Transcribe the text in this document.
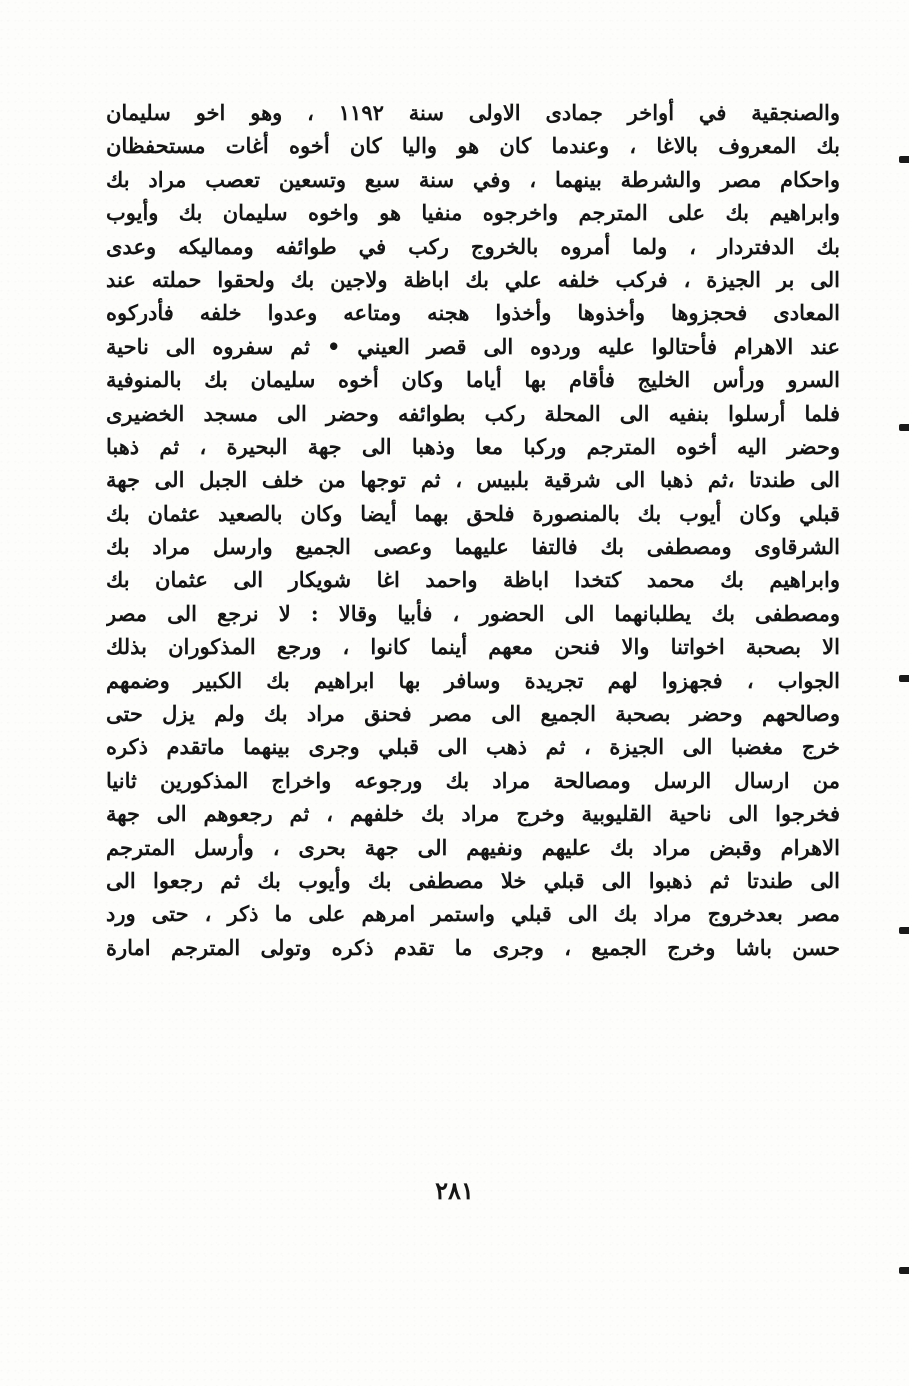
والصنجقية في أواخر جمادى الاولى سنة ١١٩٢ ، وهو اخو سليمان
بك المعروف بالاغا ، وعندما كان هو واليا كان أخوه أغات مستحفظان
واحكام مصر والشرطة بينهما ، وفي سنة سبع وتسعين تعصب مراد بك
وابراهيم بك على المترجم واخرجوه منفيا هو واخوه سليمان بك وأيوب
بك الدفتردار ، ولما أمروه بالخروج ركب في طوائفه ومماليكه وعدى
الى بر الجيزة ، فركب خلفه علي بك اباظة ولاجين بك ولحقوا حملته عند
المعادى فحجزوها وأخذوها وأخذوا هجنه ومتاعه وعدوا خلفه فأدركوه
عند الاهرام فأحتالوا عليه وردوه الى قصر العيني • ثم سفروه الى ناحية
السرو ورأس الخليج فأقام بها أياما وكان أخوه سليمان بك بالمنوفية
فلما أرسلوا بنفيه الى المحلة ركب بطوائفه وحضر الى مسجد الخضيرى
وحضر اليه أخوه المترجم وركبا معا وذهبا الى جهة البحيرة ، ثم ذهبا
الى طندتا ،ثم ذهبا الى شرقية بلبيس ، ثم توجها من خلف الجبل الى جهة
قبلي وكان أيوب بك بالمنصورة فلحق بهما أيضا وكان بالصعيد عثمان بك
الشرقاوى ومصطفى بك فالتفا عليهما وعصى الجميع وارسل مراد بك
وابراهيم بك محمد كتخدا اباظة واحمد اغا شويكار الى عثمان بك
ومصطفى بك يطلبانهما الى الحضور ، فأبيا وقالا : لا نرجع الى مصر
الا بصحبة اخواتنا والا فنحن معهم أينما كانوا ، ورجع المذكوران بذلك
الجواب ، فجهزوا لهم تجريدة وسافر بها ابراهيم بك الكبير وضمهم
وصالحهم وحضر بصحبة الجميع الى مصر فحنق مراد بك ولم يزل حتى
خرج مغضبا الى الجيزة ، ثم ذهب الى قبلي وجرى بينهما ماتقدم ذكره
من ارسال الرسل ومصالحة مراد بك ورجوعه واخراج المذكورين ثانيا
فخرجوا الى ناحية القليوبية وخرج مراد بك خلفهم ، ثم رجعوهم الى جهة
الاهرام وقبض مراد بك عليهم ونفيهم الى جهة بحرى ، وأرسل المترجم
الى طندتا ثم ذهبوا الى قبلي خلا مصطفى بك وأيوب بك ثم رجعوا الى
مصر بعدخروج مراد بك الى قبلي واستمر امرهم على ما ذكر ، حتى ورد
حسن باشا وخرج الجميع ، وجرى ما تقدم ذكره وتولى المترجم امارة
٢٨١
